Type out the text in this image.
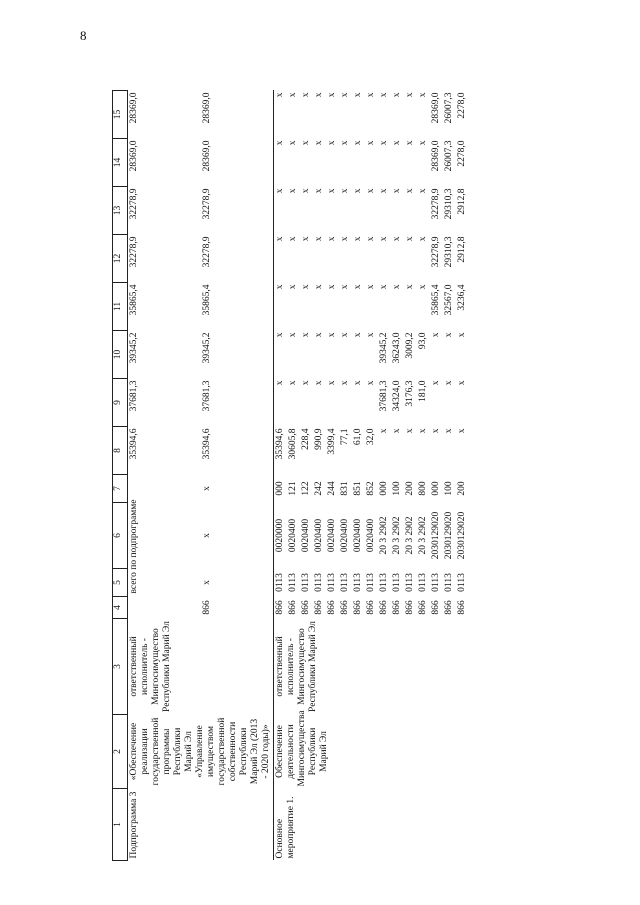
8
1	2	3	4	5	6	7	8	9	10	11	12	13	14	15
Подпрограмма 3	«Обеспечение реализации государственной программы Республики Марий Эл «Управление имуществом государственной собственности Республики Марий Эл (2013 - 2020 годы)»	ответственный исполнитель - Мингосимущество Республики Марий Эл	всего по подпрограмме				35394,6	37681,3	39345,2	35865,4	32278,9	32278,9	28369,0	28369,0
			866	x	x	x	35394,6	37681,3	39345,2	35865,4	32278,9	32278,9	28369,0	28369,0
Основное мероприятие 1.	Обеспечение деятельности Мингосимущества Республики Марий Эл	ответственный исполнитель - Мингосимущество Республики Марий Эл	866	0113	0020000	000	35394,6	x	x	x	x	x	x	x
			866	0113	0020400	121	30605,8	x	x	x	x	x	x	x
			866	0113	0020400	122	228,4	x	x	x	x	x	x	x
			866	0113	0020400	242	990,9	x	x	x	x	x	x	x
			866	0113	0020400	244	3399,4	x	x	x	x	x	x	x
			866	0113	0020400	831	77,1	x	x	x	x	x	x	x
			866	0113	0020400	851	61,0	x	x	x	x	x	x	x
			866	0113	0020400	852	32,0	x	x	x	x	x	x	x
			866	0113	20 3 2902	000	x	37681,3	39345,2	x	x	x	x	x
			866	0113	20 3 2902	100	x	34324,0	36243,0	x	x	x	x	x
			866	0113	20 3 2902	200	x	3176,3	3009,2	x	x	x	x	x
			866	0113	20 3 2902	800	x	181,0	93,0	x	x	x	x	x
			866	0113	2030129020	000	x	x	x	35865,4	32278,9	32278,9	28369,0	28369,0
			866	0113	2030129020	100	x	x	x	32567,0	29310,3	29310,3	26007,3	26007,3
			866	0113	2030129020	200	x	x	x	3236,4	2912,8	2912,8	2278,0	2278,0
